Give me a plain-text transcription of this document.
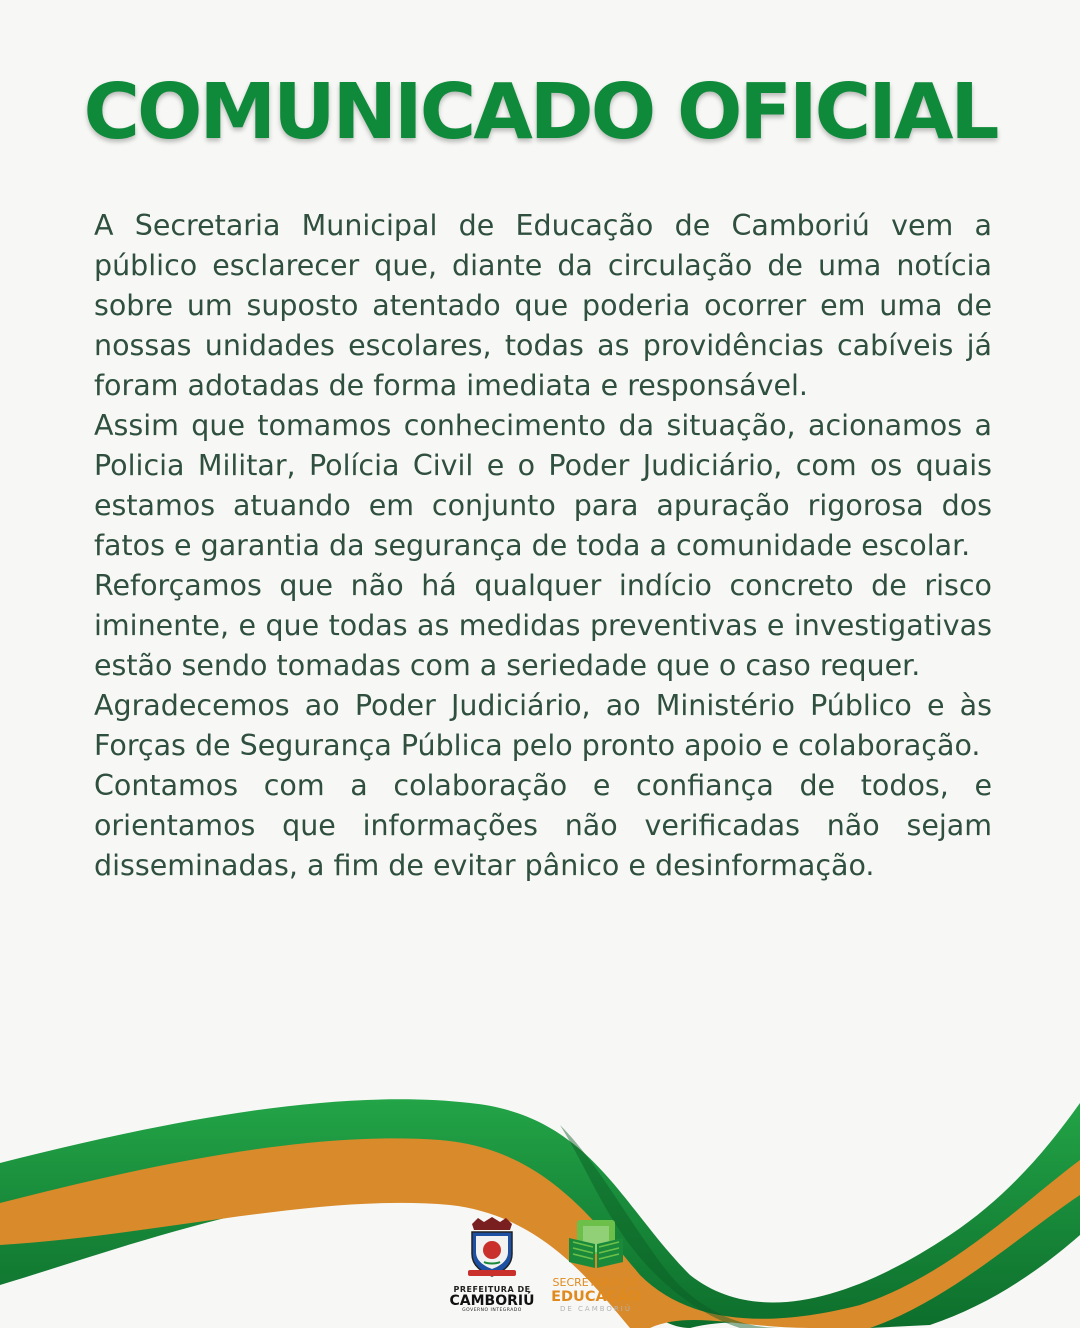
COMUNICADO OFICIAL

A Secretaria Municipal de Educação de Camboriú vem a público esclarecer que, diante da circulação de uma notícia sobre um suposto atentado que poderia ocorrer em uma de nossas unidades escolares, todas as providências cabíveis já foram adotadas de forma imediata e responsável.

Assim que tomamos conhecimento da situação, acionamos a Policia Militar, Polícia Civil e o Poder Judiciário, com os quais estamos atuando em conjunto para apuração rigorosa dos fatos e garantia da segurança de toda a comunidade escolar.

Reforçamos que não há qualquer indício concreto de risco iminente, e que todas as medidas preventivas e investigativas estão sendo tomadas com a seriedade que o caso requer.

Agradecemos ao Poder Judiciário, ao Ministério Público e às Forças de Segurança Pública pelo pronto apoio e colaboração.

Contamos com a colaboração e confiança de todos, e orientamos que informações não verificadas não sejam disseminadas, a fim de evitar pânico e desinformação.

PREFEITURA DE
CAMBORIÚ
GOVERNO INTEGRADO
SECRETARIA DE
EDUCAÇÃO
DE CAMBORIÚ
